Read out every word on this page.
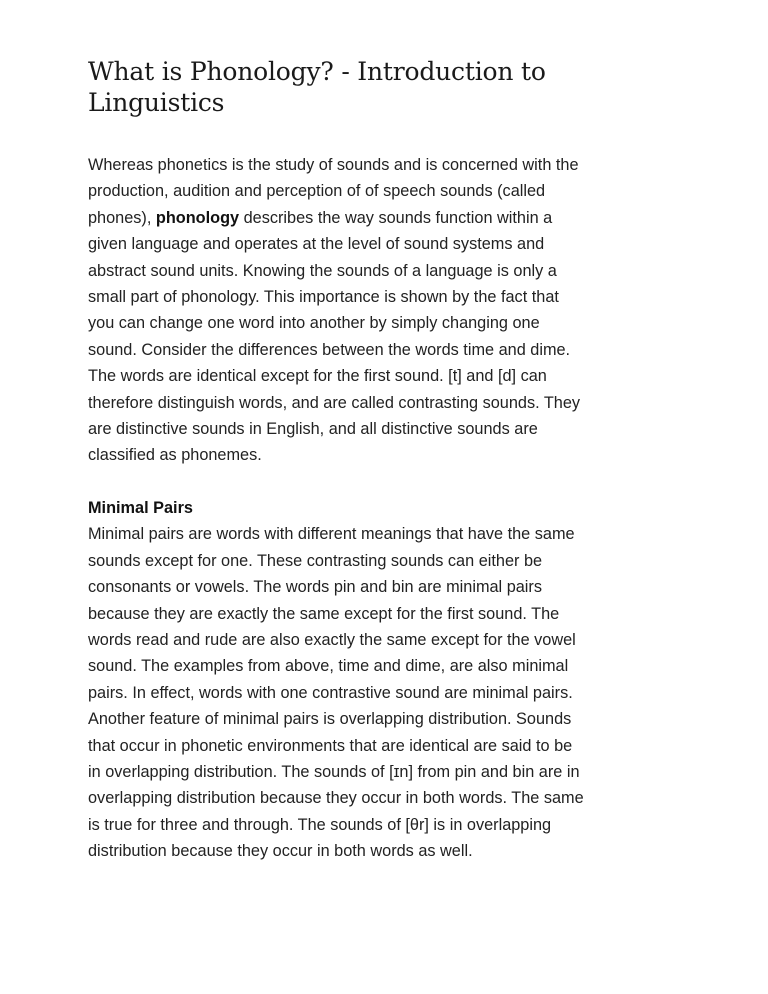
What is Phonology? - Introduction to Linguistics

Whereas phonetics is the study of sounds and is concerned with the production, audition and perception of of speech sounds (called phones), phonology describes the way sounds function within a given language and operates at the level of sound systems and abstract sound units. Knowing the sounds of a language is only a small part of phonology. This importance is shown by the fact that you can change one word into another by simply changing one sound. Consider the differences between the words time and dime. The words are identical except for the first sound. [t] and [d] can therefore distinguish words, and are called contrasting sounds. They are distinctive sounds in English, and all distinctive sounds are classified as phonemes.

Minimal Pairs

Minimal pairs are words with different meanings that have the same sounds except for one. These contrasting sounds can either be consonants or vowels. The words pin and bin are minimal pairs because they are exactly the same except for the first sound. The words read and rude are also exactly the same except for the vowel sound. The examples from above, time and dime, are also minimal pairs. In effect, words with one contrastive sound are minimal pairs. Another feature of minimal pairs is overlapping distribution. Sounds that occur in phonetic environments that are identical are said to be in overlapping distribution. The sounds of [ɪn] from pin and bin are in overlapping distribution because they occur in both words. The same is true for three and through. The sounds of [θr] is in overlapping distribution because they occur in both words as well.
